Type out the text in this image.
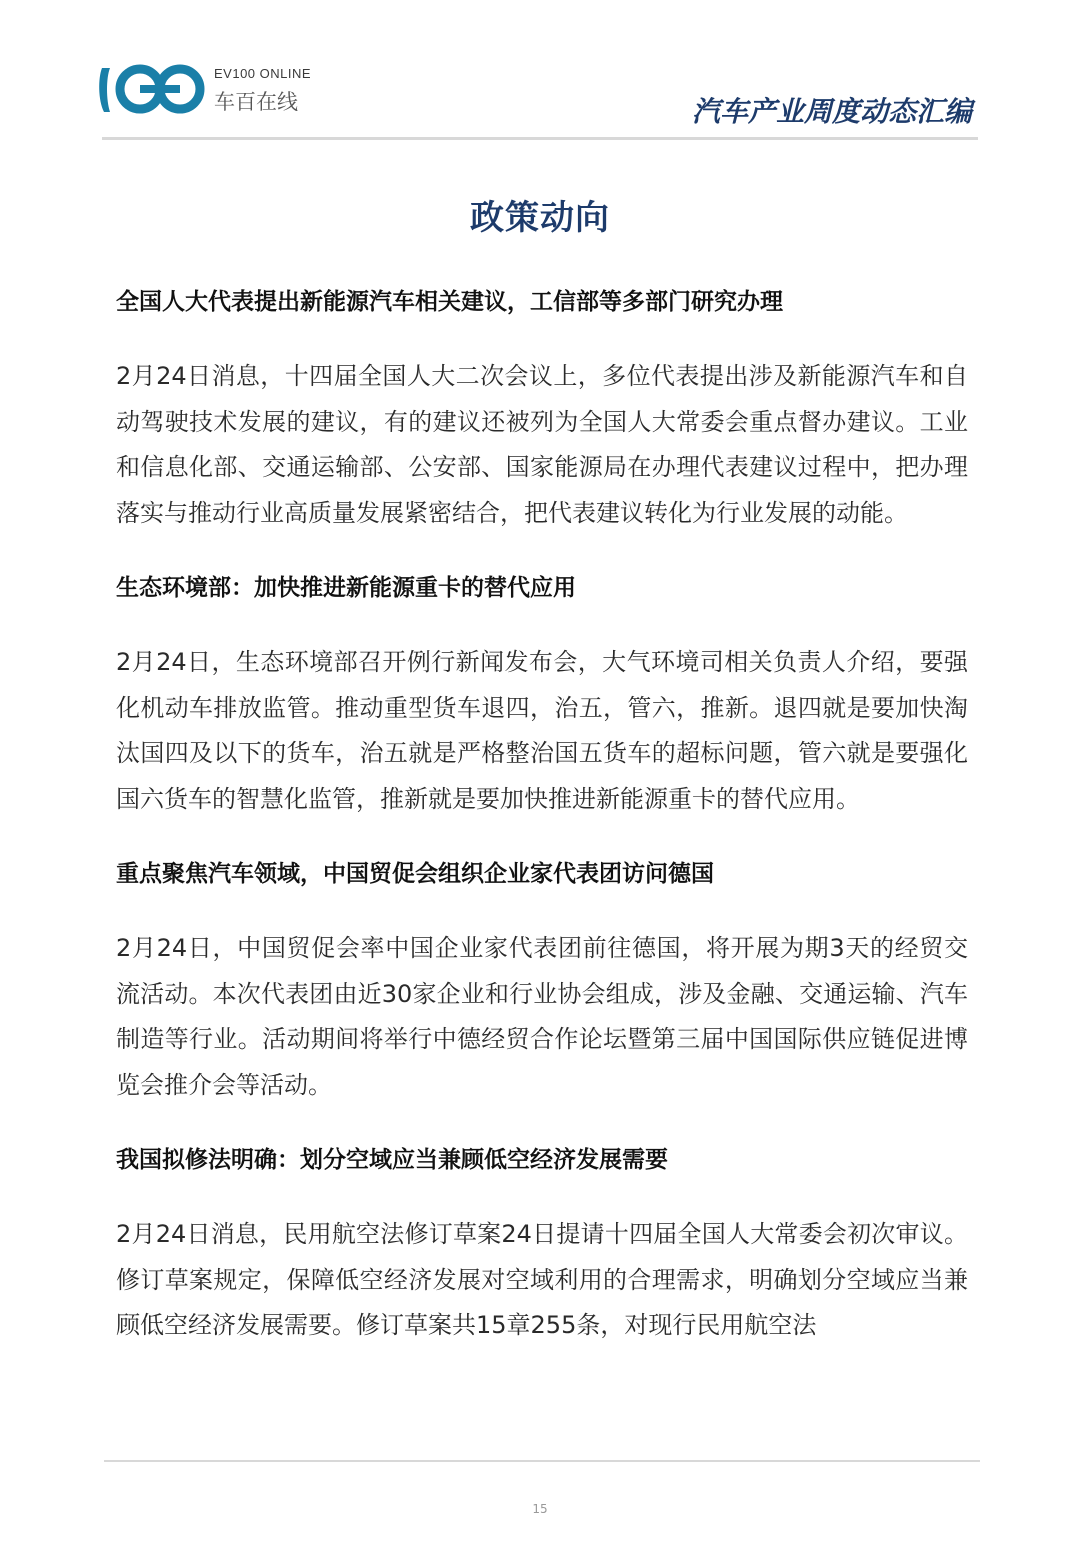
EV100 ONLINE
车百在线	汽车产业周度动态汇编
政策动向
全国人大代表提出新能源汽车相关建议，工信部等多部门研究办理
2月24日消息，十四届全国人大二次会议上，多位代表提出涉及新能源汽车和自动驾驶技术发展的建议，有的建议还被列为全国人大常委会重点督办建议。工业和信息化部、交通运输部、公安部、国家能源局在办理代表建议过程中，把办理落实与推动行业高质量发展紧密结合，把代表建议转化为行业发展的动能。
生态环境部：加快推进新能源重卡的替代应用
2月24日，生态环境部召开例行新闻发布会，大气环境司相关负责人介绍，要强化机动车排放监管。推动重型货车退四，治五，管六，推新。退四就是要加快淘汰国四及以下的货车，治五就是严格整治国五货车的超标问题，管六就是要强化国六货车的智慧化监管，推新就是要加快推进新能源重卡的替代应用。
重点聚焦汽车领域，中国贸促会组织企业家代表团访问德国
2月24日，中国贸促会率中国企业家代表团前往德国，将开展为期3天的经贸交流活动。本次代表团由近30家企业和行业协会组成，涉及金融、交通运输、汽车制造等行业。活动期间将举行中德经贸合作论坛暨第三届中国国际供应链促进博览会推介会等活动。
我国拟修法明确：划分空域应当兼顾低空经济发展需要
2月24日消息，民用航空法修订草案24日提请十四届全国人大常委会初次审议。修订草案规定，保障低空经济发展对空域利用的合理需求，明确划分空域应当兼顾低空经济发展需要。修订草案共15章255条，对现行民用航空法
15
